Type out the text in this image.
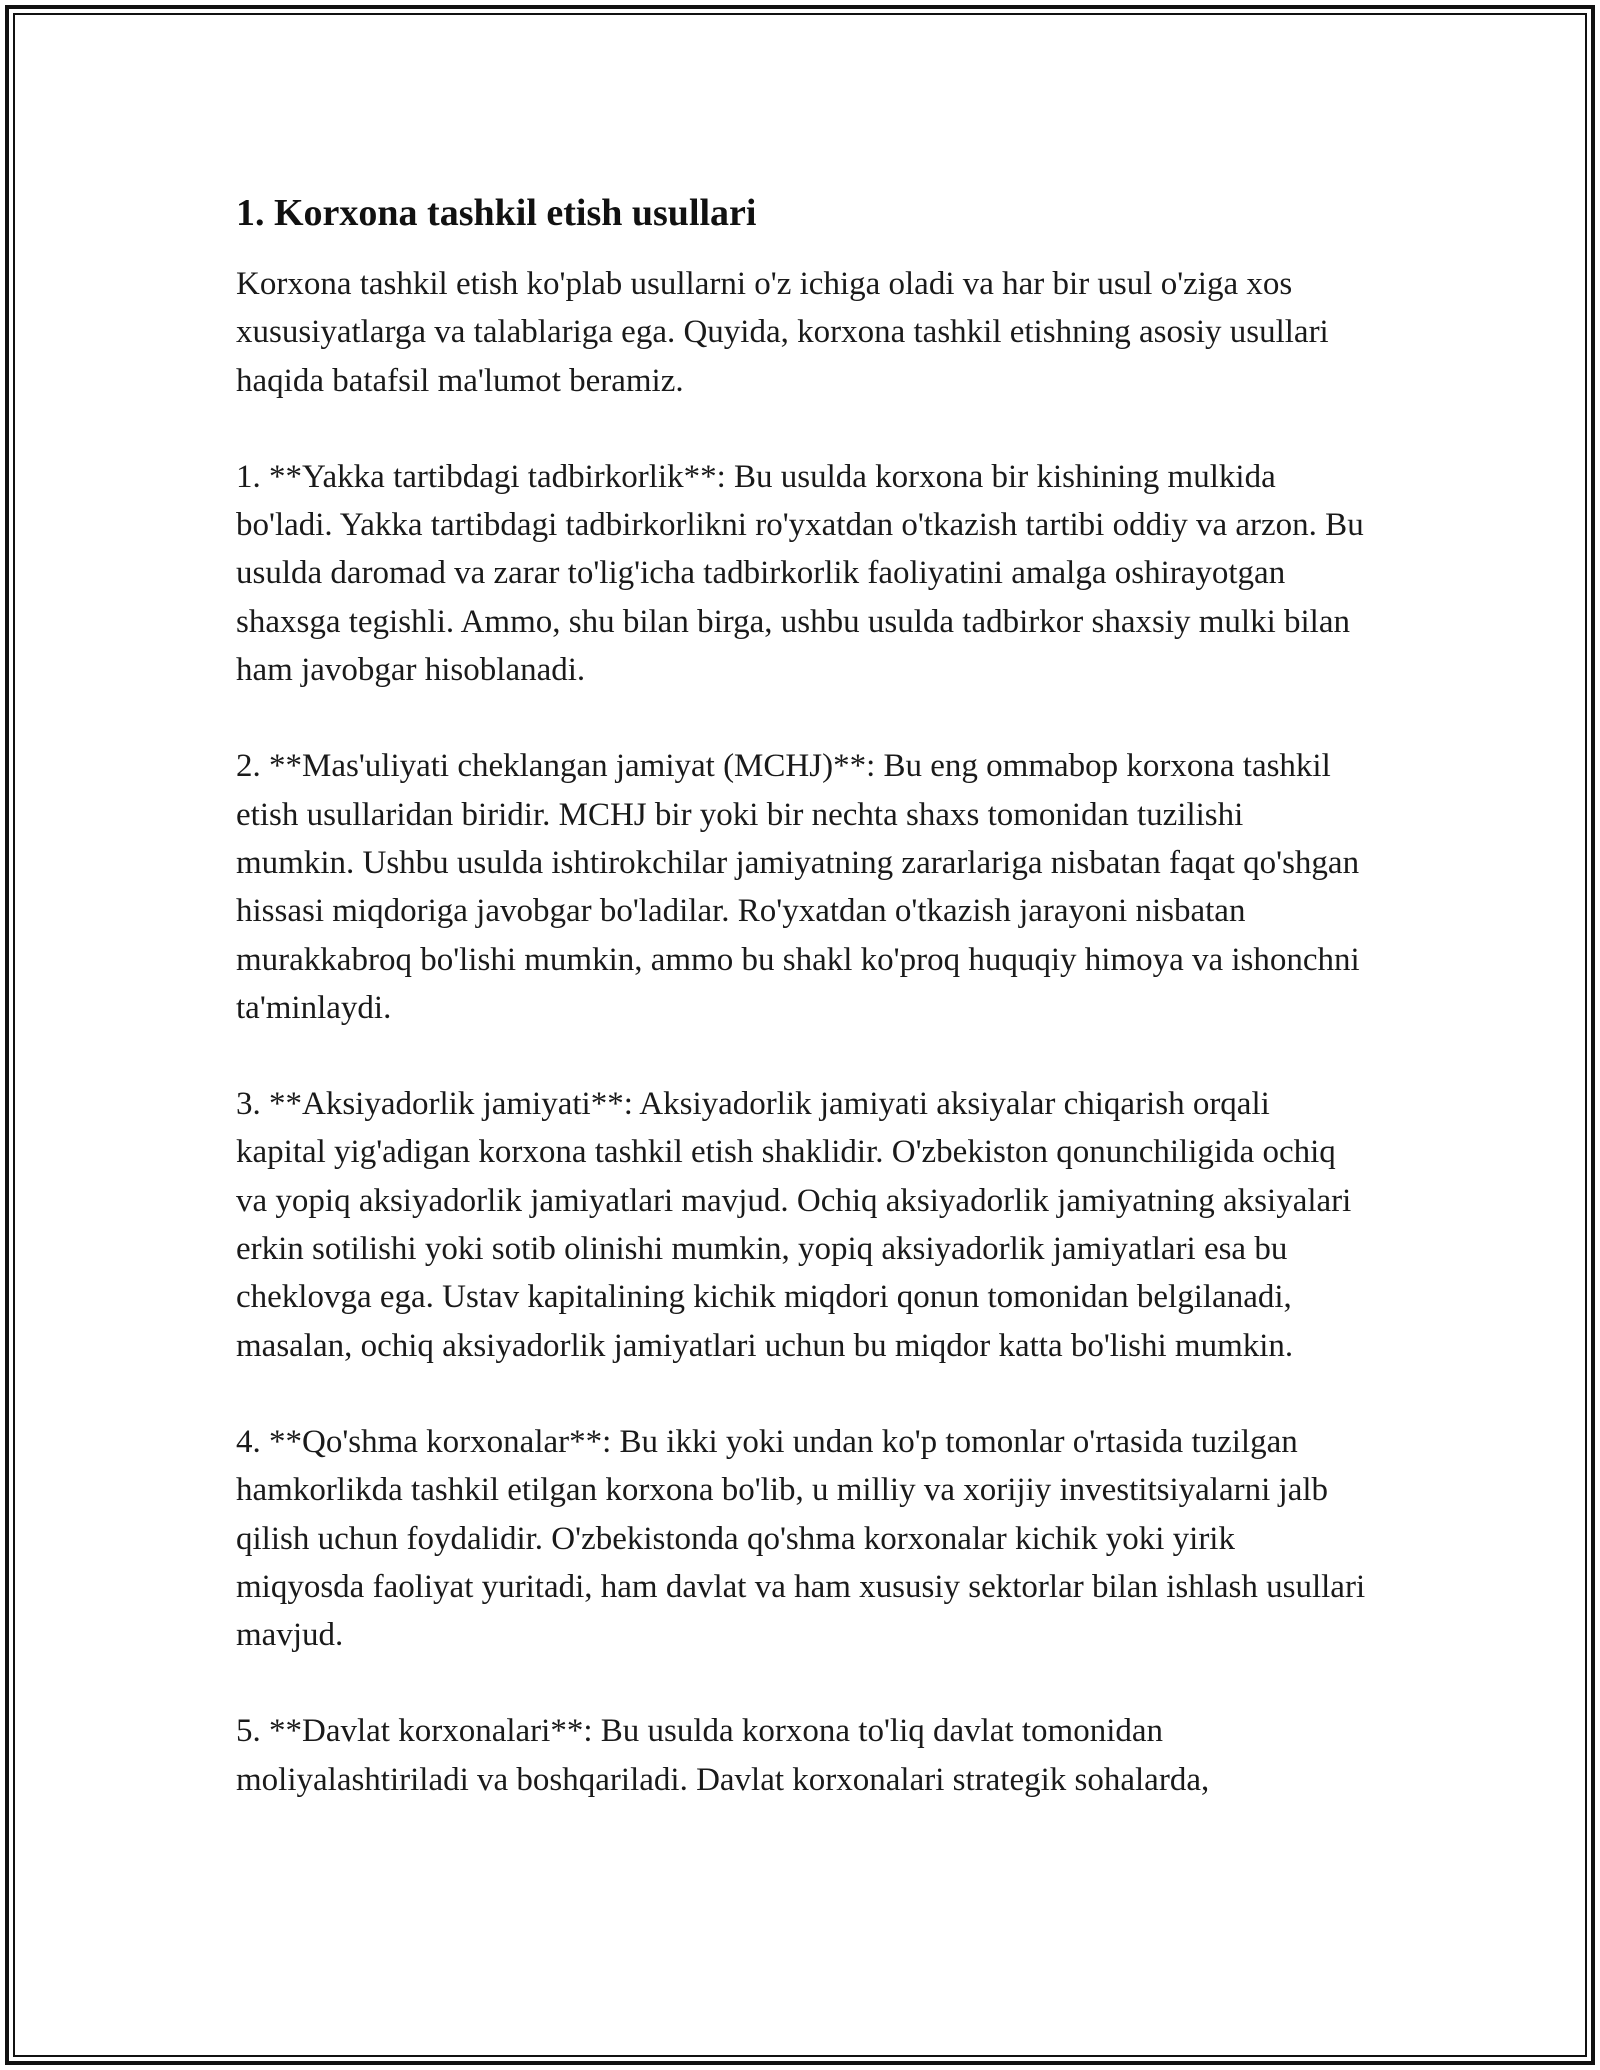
1. Korxona tashkil etish usullari

Korxona tashkil etish ko'plab usullarni o'z ichiga oladi va har bir usul o'ziga xos xususiyatlarga va talablariga ega. Quyida, korxona tashkil etishning asosiy usullari haqida batafsil ma'lumot beramiz.

1. **Yakka tartibdagi tadbirkorlik**: Bu usulda korxona bir kishining mulkida bo'ladi. Yakka tartibdagi tadbirkorlikni ro'yxatdan o'tkazish tartibi oddiy va arzon. Bu usulda daromad va zarar to'lig'icha tadbirkorlik faoliyatini amalga oshirayotgan shaxsga tegishli. Ammo, shu bilan birga, ushbu usulda tadbirkor shaxsiy mulki bilan ham javobgar hisoblanadi.

2. **Mas'uliyati cheklangan jamiyat (MCHJ)**: Bu eng ommabop korxona tashkil etish usullaridan biridir. MCHJ bir yoki bir nechta shaxs tomonidan tuzilishi mumkin. Ushbu usulda ishtirokchilar jamiyatning zararlariga nisbatan faqat qo'shgan hissasi miqdoriga javobgar bo'ladilar. Ro'yxatdan o'tkazish jarayoni nisbatan murakkabroq bo'lishi mumkin, ammo bu shakl ko'proq huquqiy himoya va ishonchni ta'minlaydi.

3. **Aksiyadorlik jamiyati**: Aksiyadorlik jamiyati aksiyalar chiqarish orqali kapital yig'adigan korxona tashkil etish shaklidir. O'zbekiston qonunchiligida ochiq va yopiq aksiyadorlik jamiyatlari mavjud. Ochiq aksiyadorlik jamiyatning aksiyalari erkin sotilishi yoki sotib olinishi mumkin, yopiq aksiyadorlik jamiyatlari esa bu cheklovga ega. Ustav kapitalining kichik miqdori qonun tomonidan belgilanadi, masalan, ochiq aksiyadorlik jamiyatlari uchun bu miqdor katta bo'lishi mumkin.

4. **Qo'shma korxonalar**: Bu ikki yoki undan ko'p tomonlar o'rtasida tuzilgan hamkorlikda tashkil etilgan korxona bo'lib, u milliy va xorijiy investitsiyalarni jalb qilish uchun foydalidir. O'zbekistonda qo'shma korxonalar kichik yoki yirik miqyosda faoliyat yuritadi, ham davlat va ham xususiy sektorlar bilan ishlash usullari mavjud.

5. **Davlat korxonalari**: Bu usulda korxona to'liq davlat tomonidan moliyalashtiriladi va boshqariladi. Davlat korxonalari strategik sohalarda,
